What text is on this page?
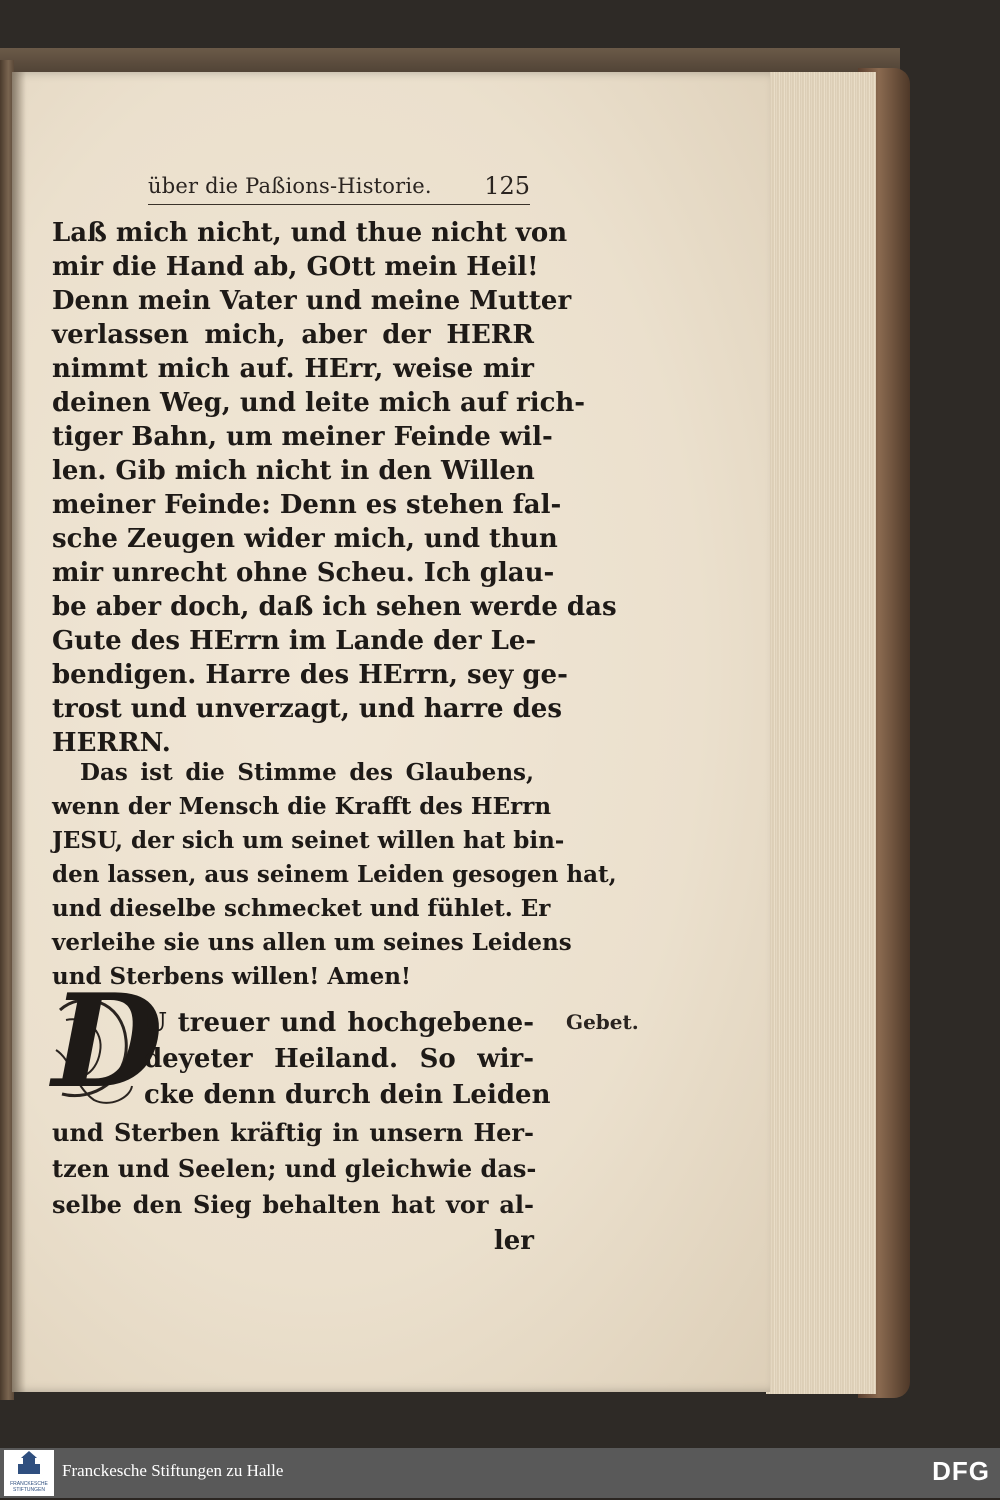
über die Paßions-Historie. 125
Laß mich nicht, und thue nicht von
mir die Hand ab, GOtt mein Heil!
Denn mein Vater und meine Mutter
verlassen mich, aber der HERR
nimmt mich auf. HErr, weise mir
deinen Weg, und leite mich auf rich-
tiger Bahn, um meiner Feinde wil-
len. Gib mich nicht in den Willen
meiner Feinde: Denn es stehen fal-
sche Zeugen wider mich, und thun
mir unrecht ohne Scheu. Ich glau-
be aber doch, daß ich sehen werde das
Gute des HErrn im Lande der Le-
bendigen. Harre des HErrn, sey ge-
trost und unverzagt, und harre des
HERRN.
Das ist die Stimme des Glaubens,
wenn der Mensch die Krafft des HErrn
JESU, der sich um seinet willen hat bin-
den lassen, aus seinem Leiden gesogen hat,
und dieselbe schmecket und fühlet. Er
verleihe sie uns allen um seines Leidens
und Sterbens willen! Amen!
D
U treuer und hochgebene-
deyeter Heiland. So wir-
cke denn durch dein Leiden
und Sterben kräftig in unsern Her-
tzen und Seelen; und gleichwie das-
selbe den Sieg behalten hat vor al-
ler
Gebet.
FRANCKESCHE
STIFTUNGEN
Franckesche Stiftungen zu Halle	DFG
